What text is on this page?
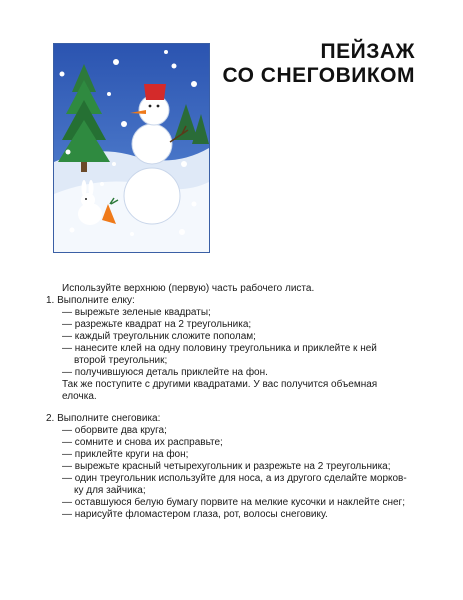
ПЕЙЗАЖ
СО СНЕГОВИКОМ
Используйте верхнюю (первую) часть рабочего листа.
1. Выполните елку:
— вырежьте зеленые квадраты;
— разрежьте квадрат на 2 треугольника;
— каждый треугольник сложите пополам;
— нанесите клей на одну половину треугольника и приклейте к ней
второй треугольник;
— получившуюся деталь приклейте на фон.
Так же поступите с другими квадратами. У вас получится объемная
елочка.
2. Выполните снеговика:
— оборвите два круга;
— сомните и снова их расправьте;
— приклейте круги на фон;
— вырежьте красный четырехугольник и разрежьте на 2 треугольника;
— один треугольник используйте для носа, а из другого сделайте морков-
ку для зайчика;
— оставшуюся белую бумагу порвите на мелкие кусочки и наклейте снег;
— нарисуйте фломастером глаза, рот, волосы снеговику.
